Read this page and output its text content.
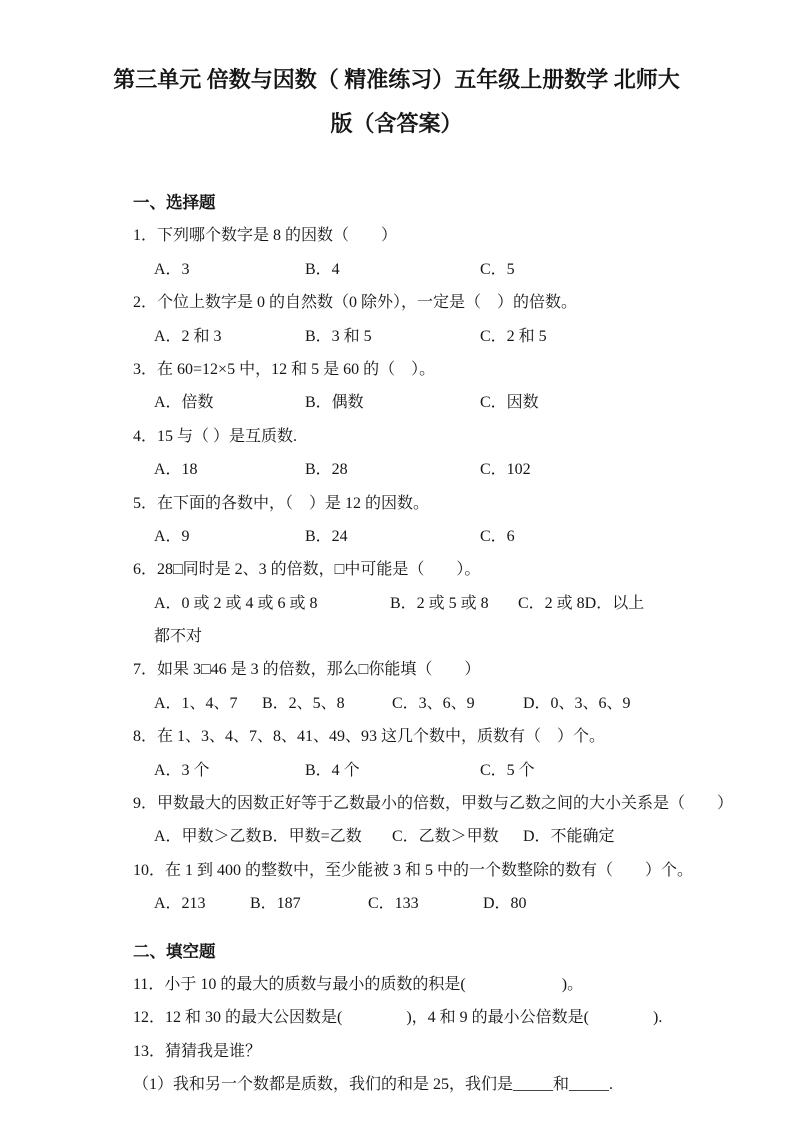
第三单元 倍数与因数（ 精准练习）五年级上册数学 北师大
版（含答案）
一、选择题
1．下列哪个数字是 8 的因数（　　）
A．3	B．4	C．5
2．个位上数字是 0 的自然数（0 除外），一定是（　）的倍数。
A．2 和 3	B．3 和 5	C．2 和 5
3．在 60=12×5 中，12 和 5 是 60 的（　）。
A．倍数	B．偶数	C．因数
4．15 与（ ）是互质数.
A．18	B．28	C．102
5．在下面的各数中，（　）是 12 的因数。
A．9	B．24	C．6
6．28□同时是 2、3 的倍数，□中可能是（　　）。
A．0 或 2 或 4 或 6 或 8	B．2 或 5 或 8	C．2 或 8D．以上
都不对
7．如果 3□46 是 3 的倍数，那么□你能填（　　）
A．1、4、7	B．2、5、8	C．3、6、9	D．0、3、6、9
8．在 1、3、4、7、8、41、49、93 这几个数中，质数有（　）个。
A．3 个	B．4 个	C．5 个
9．甲数最大的因数正好等于乙数最小的倍数，甲数与乙数之间的大小关系是（　　）
A．甲数＞乙数 B．甲数=乙数	C．乙数＞甲数	D．不能确定
10．在 1 到 400 的整数中，至少能被 3 和 5 中的一个数整除的数有（　　）个。
A．213	B．187	C．133	D．80
二、填空题
11．小于 10 的最大的质数与最小的质数的积是(　　　　　　)。
12．12 和 30 的最大公因数是(　　　　)，4 和 9 的最小公倍数是(　　　　).
13．猜猜我是谁？
（1）我和另一个数都是质数，我们的和是 25，我们是_____和_____.
